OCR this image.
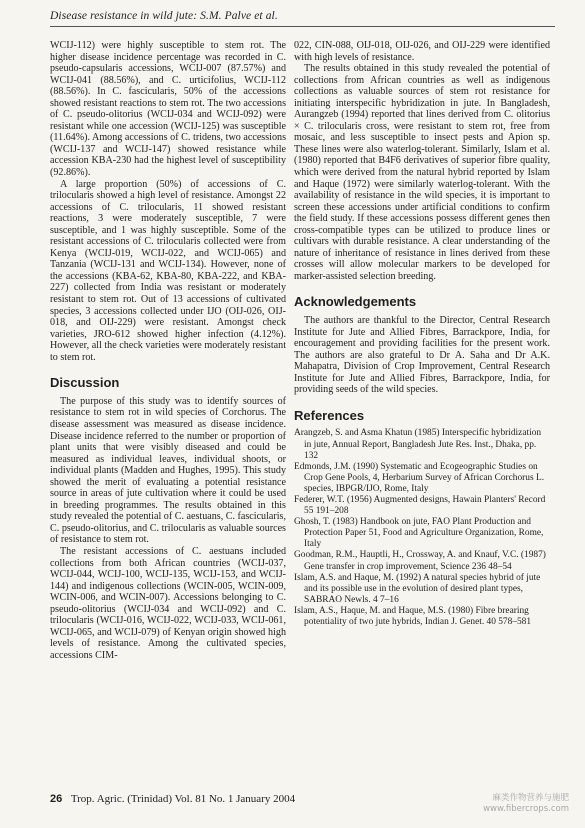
Disease resistance in wild jute: S.M. Palve et al.

WCIJ-112) were highly susceptible to stem rot. The higher disease incidence percentage was recorded in C. pseudo-capsularis accessions, WCIJ-007 (87.57%) and WCIJ-041 (88.56%), and C. urticifolius, WCIJ-112 (88.56%). In C. fascicularis, 50% of the accessions showed resistant reactions to stem rot. The two accessions of C. pseudo-olitorius (WCIJ-034 and WCIJ-092) were resistant while one accession (WCIJ-125) was susceptible (11.64%). Among accessions of C. tridens, two accessions (WCIJ-137 and WCIJ-147) showed resistance while accession KBA-230 had the highest level of susceptibility (92.86%).

A large proportion (50%) of accessions of C. trilocularis showed a high level of resistance. Amongst 22 accessions of C. trilocularis, 11 showed resistant reactions, 3 were moderately susceptible, 7 were susceptible, and 1 was highly susceptible. Some of the resistant accessions of C. trilocularis collected were from Kenya (WCIJ-019, WCIJ-022, and WCIJ-065) and Tanzania (WCIJ-131 and WCIJ-134). However, none of the accessions (KBA-62, KBA-80, KBA-222, and KBA-227) collected from India was resistant or moderately resistant to stem rot. Out of 13 accessions of cultivated species, 3 accessions collected under IJO (OIJ-026, OIJ-018, and OIJ-229) were resistant. Amongst check varieties, JRO-612 showed higher infection (4.12%). However, all the check varieties were moderately resistant to stem rot.

Discussion

The purpose of this study was to identify sources of resistance to stem rot in wild species of Corchorus. The disease assessment was measured as disease incidence. Disease incidence referred to the number or proportion of plant units that were visibly diseased and could be measured as individual leaves, individual shoots, or individual plants (Madden and Hughes, 1995). This study showed the merit of evaluating a potential resistance source in areas of jute cultivation where it could be used in breeding programmes. The results obtained in this study revealed the potential of C. aestuans, C. fascicularis, C. pseudo-olitorius, and C. trilocularis as valuable sources of resistance to stem rot.

The resistant accessions of C. aestuans included collections from both African countries (WCIJ-037, WCIJ-044, WCIJ-100, WCIJ-135, WCIJ-153, and WCIJ-144) and indigenous collections (WCIN-005, WCIN-009, WCIN-006, and WCIN-007). Accessions belonging to C. pseudo-olitorius (WCIJ-034 and WCIJ-092) and C. trilocularis (WCIJ-016, WCIJ-022, WCIJ-033, WCIJ-061, WCIJ-065, and WCIJ-079) of Kenyan origin showed high levels of resistance. Among the cultivated species, accessions CIM-

022, CIN-088, OIJ-018, OIJ-026, and OIJ-229 were identified with high levels of resistance.

The results obtained in this study revealed the potential of collections from African countries as well as indigenous collections as valuable sources of stem rot resistance for initiating interspecific hybridization in jute. In Bangladesh, Aurangzeb (1994) reported that lines derived from C. olitorius × C. trilocularis cross, were resistant to stem rot, free from mosaic, and less susceptible to insect pests and Apion sp. These lines were also waterlog-tolerant. Similarly, Islam et al. (1980) reported that B4F6 derivatives of superior fibre quality, which were derived from the natural hybrid reported by Islam and Haque (1972) were similarly waterlog-tolerant. With the availability of resistance in the wild species, it is important to screen these accessions under artificial conditions to confirm the field study. If these accessions possess different genes then cross-compatible types can be utilized to produce lines or cultivars with durable resistance. A clear understanding of the nature of inheritance of resistance in lines derived from these crosses will allow molecular markers to be developed for marker-assisted selection breeding.

Acknowledgements

The authors are thankful to the Director, Central Research Institute for Jute and Allied Fibres, Barrackpore, India, for encouragement and providing facilities for the present work. The authors are also grateful to Dr A. Saha and Dr A.K. Mahapatra, Division of Crop Improvement, Central Research Institute for Jute and Allied Fibres, Barrackpore, India, for providing seeds of the wild species.

References

Arangzeb, S. and Asma Khatun (1985) Interspecific hybridization in jute, Annual Report, Bangladesh Jute Res. Inst., Dhaka, pp. 132

Edmonds, J.M. (1990) Systematic and Ecogeographic Studies on Crop Gene Pools, 4, Herbarium Survey of African Corchorus L. species, IBPGR/IJO, Rome, Italy

Federer, W.T. (1956) Augmented designs, Hawain Planters' Record 55 191–208

Ghosh, T. (1983) Handbook on jute, FAO Plant Production and Protection Paper 51, Food and Agriculture Organization, Rome, Italy

Goodman, R.M., Hauptli, H., Crossway, A. and Knauf, V.C. (1987) Gene transfer in crop improvement, Science 236 48–54

Islam, A.S. and Haque, M. (1992) A natural species hybrid of jute and its possible use in the evolution of desired plant types, SABRAO Newls. 4 7–16

Islam, A.S., Haque, M. and Haque, M.S. (1980) Fibre brearing potentiality of two jute hybrids, Indian J. Genet. 40 578–581

26 Trop. Agric. (Trinidad) Vol. 81 No. 1 January 2004	麻类作物营养与施肥
www.fibercrops.com
